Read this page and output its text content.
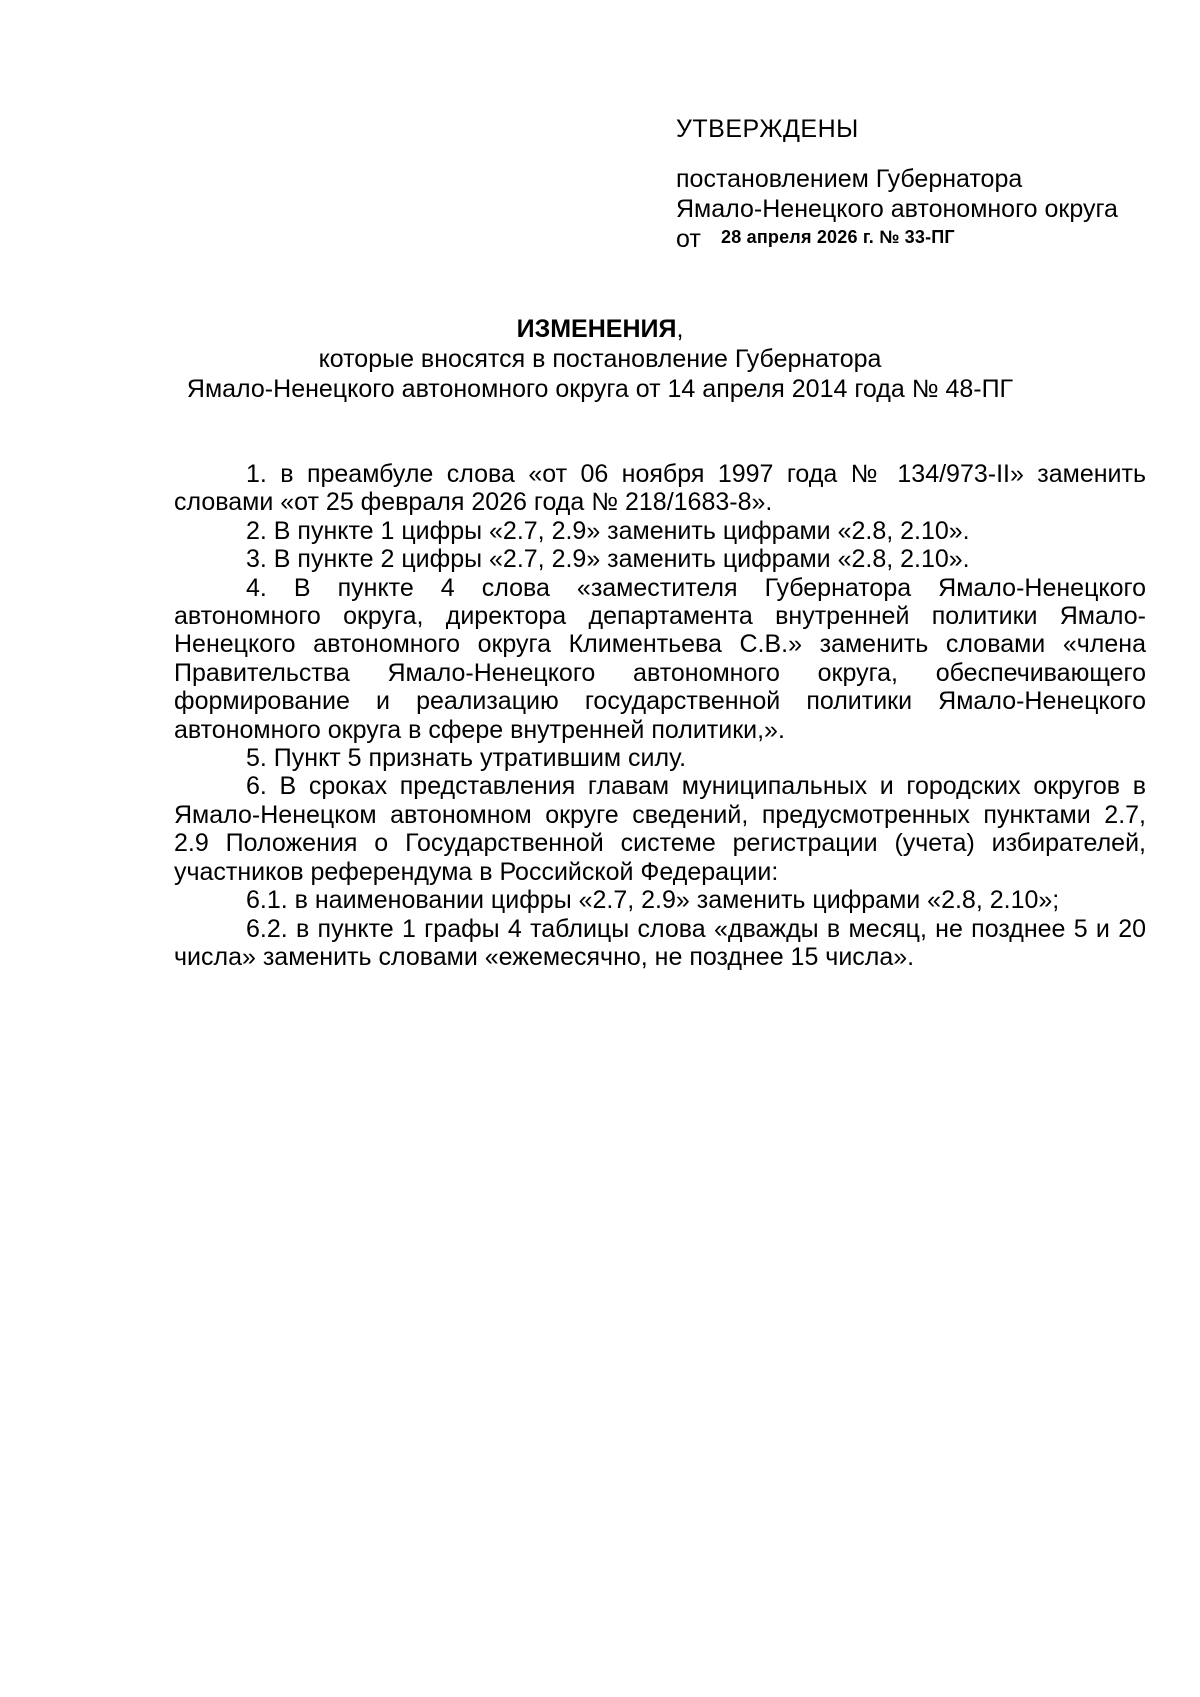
УТВЕРЖДЕНЫ

постановлением Губернатора

Ямало-Ненецкого автономного округа

от 28 апреля 2026 г. № 33-ПГ

ИЗМЕНЕНИЯ,

которые вносятся в постановление Губернатора

Ямало-Ненецкого автономного округа от 14 апреля 2014 года № 48-ПГ

1. в преамбуле слова «от 06 ноября 1997 года № 134/973-II» заменить словами «от 25 февраля 2026 года № 218/1683-8».

2. В пункте 1 цифры «2.7, 2.9» заменить цифрами «2.8, 2.10».

3. В пункте 2 цифры «2.7, 2.9» заменить цифрами «2.8, 2.10».

4. В пункте 4 слова «заместителя Губернатора Ямало-Ненецкого автономного округа, директора департамента внутренней политики Ямало-Ненецкого автономного округа Климентьева С.В.» заменить словами «члена Правительства Ямало-Ненецкого автономного округа, обеспечивающего формирование и реализацию государственной политики Ямало-Ненецкого автономного округа в сфере внутренней политики,».

5. Пункт 5 признать утратившим силу.

6. В сроках представления главам муниципальных и городских округов в Ямало-Ненецком автономном округе сведений, предусмотренных пунктами 2.7, 2.9 Положения о Государственной системе регистрации (учета) избирателей, участников референдума в Российской Федерации:

6.1. в наименовании цифры «2.7, 2.9» заменить цифрами «2.8, 2.10»;

6.2. в пункте 1 графы 4 таблицы слова «дважды в месяц, не позднее 5 и 20 числа» заменить словами «ежемесячно, не позднее 15 числа».
